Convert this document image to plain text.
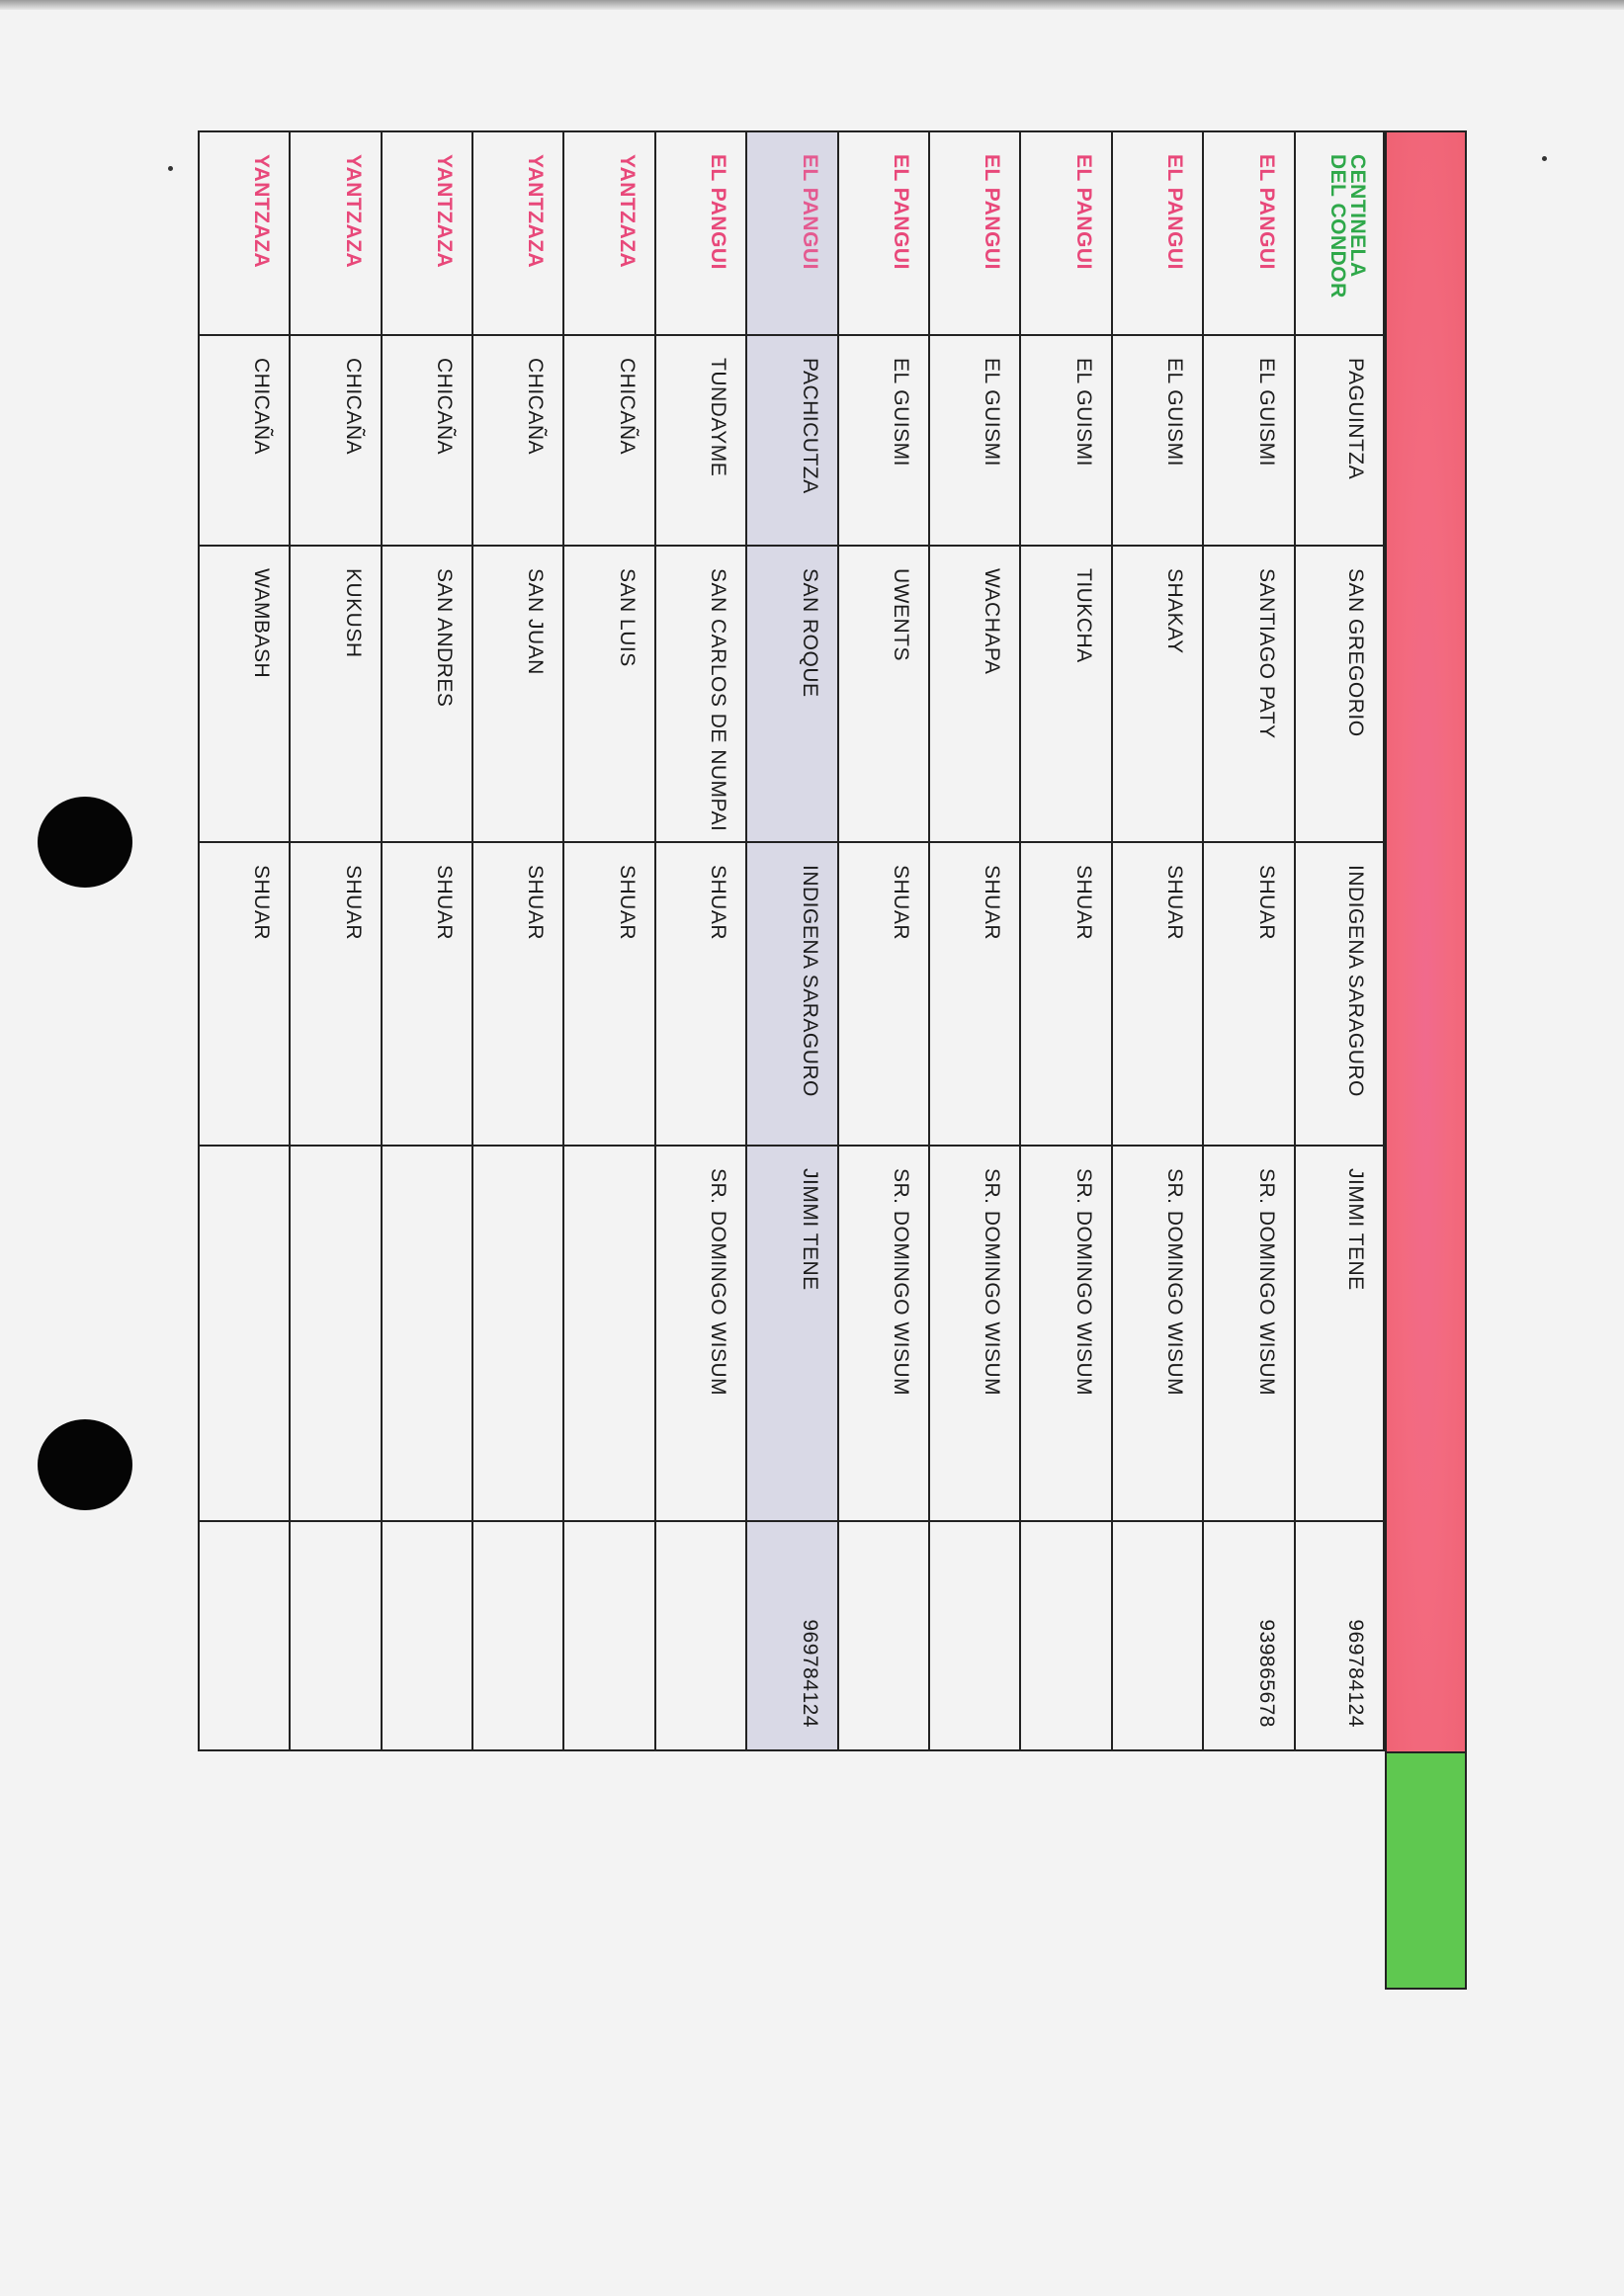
CENTINELA DEL CONDOR
PAGUINTZA
SAN GREGORIO
INDIGENA SARAGURO
JIMMI TENE
969784124
EL PANGUI
EL GUISMI
SANTIAGO PATY
SHUAR
SR. DOMINGO WISUM
939865678
EL PANGUI
EL GUISMI
SHAKAY
SHUAR
SR. DOMINGO WISUM
EL PANGUI
EL GUISMI
TIUKCHA
SHUAR
SR. DOMINGO WISUM
EL PANGUI
EL GUISMI
WACHAPA
SHUAR
SR. DOMINGO WISUM
EL PANGUI
EL GUISMI
UWENTS
SHUAR
SR. DOMINGO WISUM
EL PANGUI
PACHICUTZA
SAN ROQUE
INDIGENA SARAGURO
JIMMI TENE
969784124
EL PANGUI
TUNDAYME
SAN CARLOS DE NUMPAI
SHUAR
SR. DOMINGO WISUM
YANTZAZA
CHICAÑA
SAN LUIS
SHUAR
YANTZAZA
CHICAÑA
SAN JUAN
SHUAR
YANTZAZA
CHICAÑA
SAN ANDRES
SHUAR
YANTZAZA
CHICAÑA
KUKUSH
SHUAR
YANTZAZA
CHICAÑA
WAMBASH
SHUAR
